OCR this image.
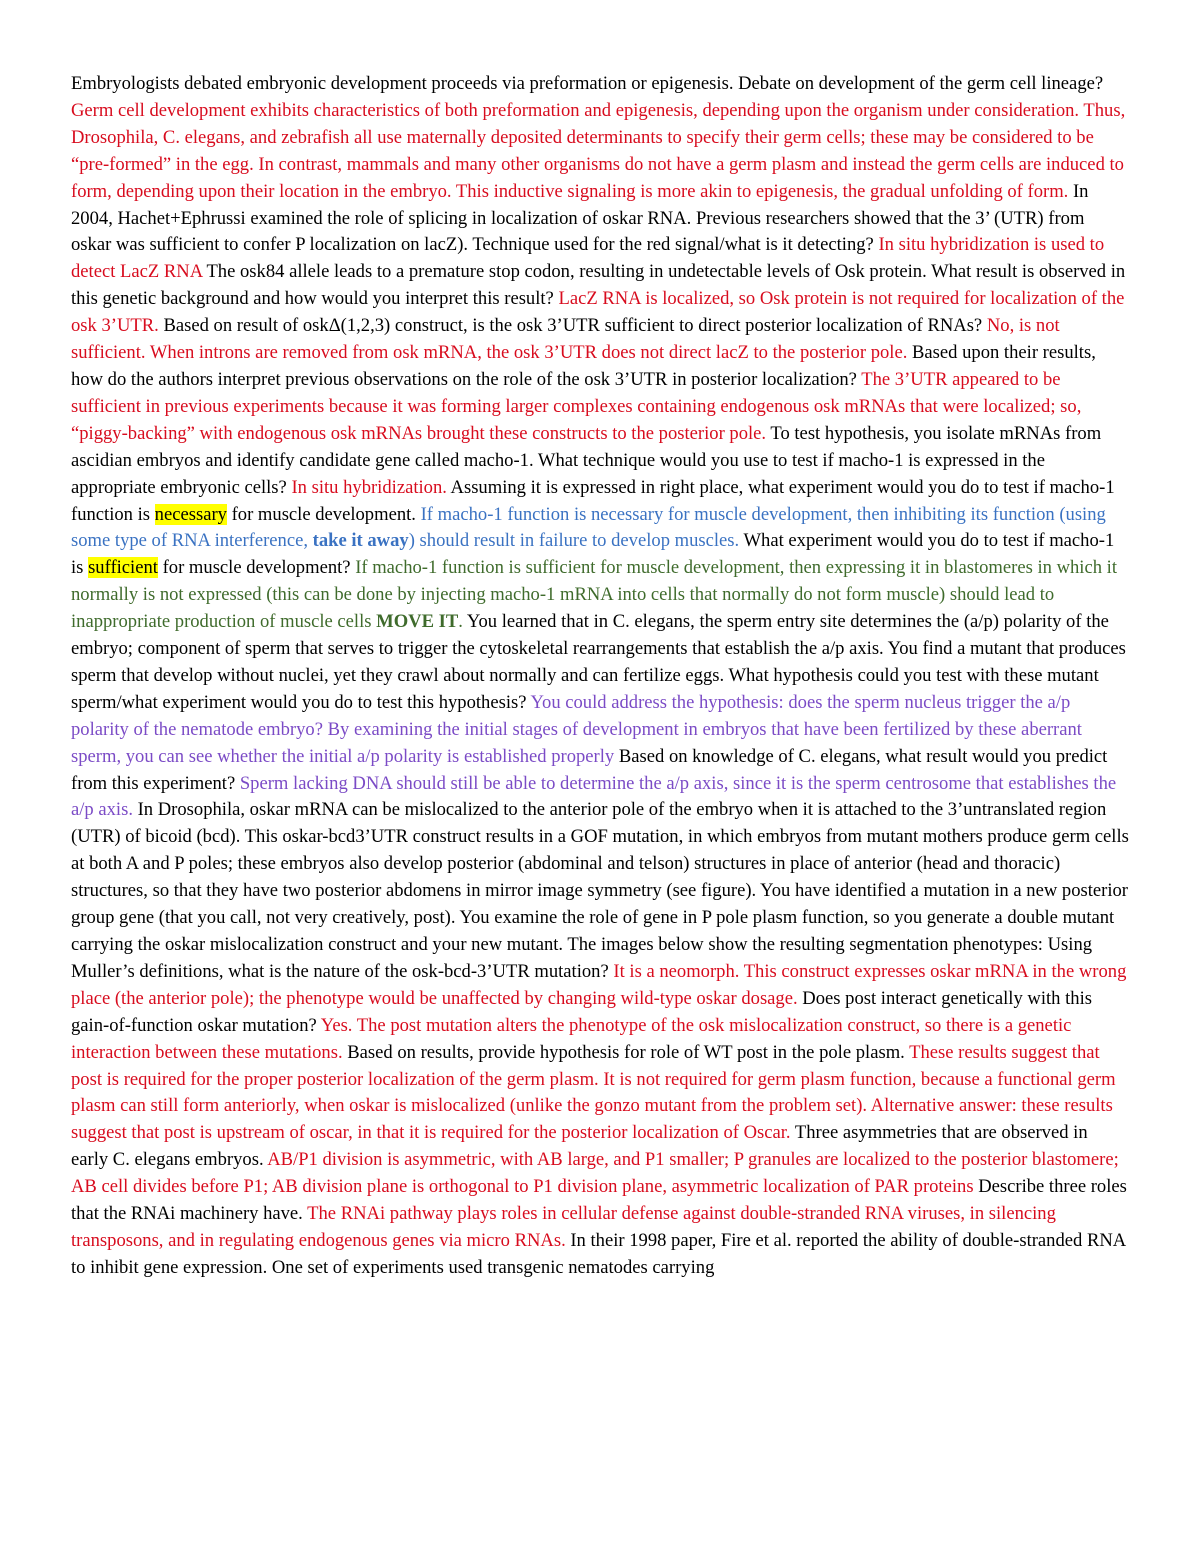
Embryologists debated embryonic development proceeds via preformation or epigenesis. Debate on development of the germ cell lineage? Germ cell development exhibits characteristics of both preformation and epigenesis, depending upon the organism under consideration. Thus, Drosophila, C. elegans, and zebrafish all use maternally deposited determinants to specify their germ cells; these may be considered to be “pre-formed” in the egg. In contrast, mammals and many other organisms do not have a germ plasm and instead the germ cells are induced to form, depending upon their location in the embryo. This inductive signaling is more akin to epigenesis, the gradual unfolding of form. In 2004, Hachet+Ephrussi examined the role of splicing in localization of oskar RNA. Previous researchers showed that the 3’ (UTR) from oskar was sufficient to confer P localization on lacZ). Technique used for the red signal/what is it detecting? In situ hybridization is used to detect LacZ RNA The osk84 allele leads to a premature stop codon, resulting in undetectable levels of Osk protein. What result is observed in this genetic background and how would you interpret this result? LacZ RNA is localized, so Osk protein is not required for localization of the osk 3’UTR. Based on result of oskΔ(1,2,3) construct, is the osk 3’UTR sufficient to direct posterior localization of RNAs? No, is not sufficient. When introns are removed from osk mRNA, the osk 3’UTR does not direct lacZ to the posterior pole. Based upon their results, how do the authors interpret previous observations on the role of the osk 3’UTR in posterior localization? The 3’UTR appeared to be sufficient in previous experiments because it was forming larger complexes containing endogenous osk mRNAs that were localized; so, “piggy-backing” with endogenous osk mRNAs brought these constructs to the posterior pole. To test hypothesis, you isolate mRNAs from ascidian embryos and identify candidate gene called macho-1. What technique would you use to test if macho-1 is expressed in the appropriate embryonic cells? In situ hybridization. Assuming it is expressed in right place, what experiment would you do to test if macho-1 function is necessary for muscle development. If macho-1 function is necessary for muscle development, then inhibiting its function (using some type of RNA interference, take it away) should result in failure to develop muscles. What experiment would you do to test if macho-1 is sufficient for muscle development? If macho-1 function is sufficient for muscle development, then expressing it in blastomeres in which it normally is not expressed (this can be done by injecting macho-1 mRNA into cells that normally do not form muscle) should lead to inappropriate production of muscle cells MOVE IT. You learned that in C. elegans, the sperm entry site determines the (a/p) polarity of the embryo; component of sperm that serves to trigger the cytoskeletal rearrangements that establish the a/p axis. You find a mutant that produces sperm that develop without nuclei, yet they crawl about normally and can fertilize eggs. What hypothesis could you test with these mutant sperm/what experiment would you do to test this hypothesis? You could address the hypothesis: does the sperm nucleus trigger the a/p polarity of the nematode embryo? By examining the initial stages of development in embryos that have been fertilized by these aberrant sperm, you can see whether the initial a/p polarity is established properly Based on knowledge of C. elegans, what result would you predict from this experiment? Sperm lacking DNA should still be able to determine the a/p axis, since it is the sperm centrosome that establishes the a/p axis. In Drosophila, oskar mRNA can be mislocalized to the anterior pole of the embryo when it is attached to the 3’untranslated region (UTR) of bicoid (bcd). This oskar-bcd3’UTR construct results in a GOF mutation, in which embryos from mutant mothers produce germ cells at both A and P poles; these embryos also develop posterior (abdominal and telson) structures in place of anterior (head and thoracic) structures, so that they have two posterior abdomens in mirror image symmetry (see figure). You have identified a mutation in a new posterior group gene (that you call, not very creatively, post). You examine the role of gene in P pole plasm function, so you generate a double mutant carrying the oskar mislocalization construct and your new mutant. The images below show the resulting segmentation phenotypes: Using Muller’s definitions, what is the nature of the osk-bcd-3’UTR mutation? It is a neomorph. This construct expresses oskar mRNA in the wrong place (the anterior pole); the phenotype would be unaffected by changing wild-type oskar dosage. Does post interact genetically with this gain-of-function oskar mutation? Yes. The post mutation alters the phenotype of the osk mislocalization construct, so there is a genetic interaction between these mutations. Based on results, provide hypothesis for role of WT post in the pole plasm. These results suggest that post is required for the proper posterior localization of the germ plasm. It is not required for germ plasm function, because a functional germ plasm can still form anteriorly, when oskar is mislocalized (unlike the gonzo mutant from the problem set). Alternative answer: these results suggest that post is upstream of oscar, in that it is required for the posterior localization of Oscar. Three asymmetries that are observed in early C. elegans embryos. AB/P1 division is asymmetric, with AB large, and P1 smaller; P granules are localized to the posterior blastomere; AB cell divides before P1; AB division plane is orthogonal to P1 division plane, asymmetric localization of PAR proteins Describe three roles that the RNAi machinery have. The RNAi pathway plays roles in cellular defense against double-stranded RNA viruses, in silencing transposons, and in regulating endogenous genes via micro RNAs. In their 1998 paper, Fire et al. reported the ability of double-stranded RNA to inhibit gene expression. One set of experiments used transgenic nematodes carrying
